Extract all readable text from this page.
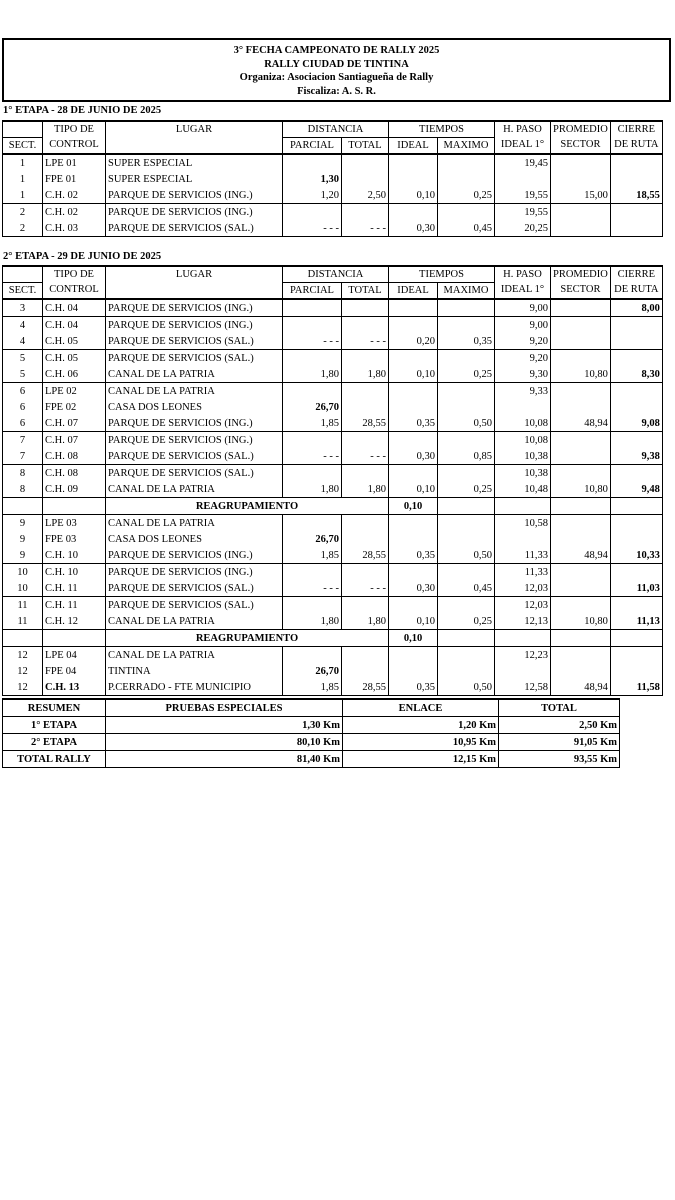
3° FECHA CAMPEONATO DE RALLY 2025
RALLY CIUDAD DE TINTINA
Organiza: Asociacion Santiagueña de Rally
Fiscaliza: A. S. R.
1° ETAPA - 28 DE JUNIO DE 2025
	TIPO DE	LUGAR	DISTANCIA		TIEMPOS		H. PASO	PROMEDIO	CIERRE
SECT.	CONTROL		PARCIAL	TOTAL	IDEAL	MAXIMO	IDEAL 1°	SECTOR	DE RUTA
1	LPE 01	SUPER ESPECIAL					19,45		
1	FPE 01	SUPER ESPECIAL	1,30						
1	C.H. 02	PARQUE DE SERVICIOS (ING.)	1,20	2,50	0,10	0,25	19,55	15,00	18,55
2	C.H. 02	PARQUE DE SERVICIOS (ING.)					19,55		
2	C.H. 03	PARQUE DE SERVICIOS (SAL.)	- - -	- - -	0,30	0,45	20,25		
2° ETAPA - 29 DE JUNIO DE 2025
	TIPO DE	LUGAR	DISTANCIA		TIEMPOS		H. PASO	PROMEDIO	CIERRE
SECT.	CONTROL		PARCIAL	TOTAL	IDEAL	MAXIMO	IDEAL 1°	SECTOR	DE RUTA
3	C.H. 04	PARQUE DE SERVICIOS (ING.)					9,00		8,00
4	C.H. 04	PARQUE DE SERVICIOS (ING.)					9,00		
4	C.H. 05	PARQUE DE SERVICIOS (SAL.)	- - -	- - -	0,20	0,35	9,20		
5	C.H. 05	PARQUE DE SERVICIOS (SAL.)					9,20		
5	C.H. 06	CANAL DE LA PATRIA	1,80	1,80	0,10	0,25	9,30	10,80	8,30
6	LPE 02	CANAL DE LA PATRIA					9,33		
6	FPE 02	CASA DOS LEONES	26,70						
6	C.H. 07	PARQUE DE SERVICIOS (ING.)	1,85	28,55	0,35	0,50	10,08	48,94	9,08
7	C.H. 07	PARQUE DE SERVICIOS (ING.)					10,08		
7	C.H. 08	PARQUE DE SERVICIOS (SAL.)	- - -	- - -	0,30	0,85	10,38		9,38
8	C.H. 08	PARQUE DE SERVICIOS (SAL.)					10,38		
8	C.H. 09	CANAL DE LA PATRIA	1,80	1,80	0,10	0,25	10,48	10,80	9,48
		REAGRUPAMIENTO			0,10				
9	LPE 03	CANAL DE LA PATRIA					10,58		
9	FPE 03	CASA DOS LEONES	26,70						
9	C.H. 10	PARQUE DE SERVICIOS (ING.)	1,85	28,55	0,35	0,50	11,33	48,94	10,33
10	C.H. 10	PARQUE DE SERVICIOS (ING.)					11,33		
10	C.H. 11	PARQUE DE SERVICIOS (SAL.)	- - -	- - -	0,30	0,45	12,03		11,03
11	C.H. 11	PARQUE DE SERVICIOS (SAL.)					12,03		
11	C.H. 12	CANAL DE LA PATRIA	1,80	1,80	0,10	0,25	12,13	10,80	11,13
		REAGRUPAMIENTO			0,10				
12	LPE 04	CANAL DE LA PATRIA					12,23		
12	FPE 04	TINTINA	26,70						
12	C.H. 13	P.CERRADO - FTE MUNICIPIO	1,85	28,55	0,35	0,50	12,58	48,94	11,58
RESUMEN	PRUEBAS ESPECIALES	ENLACE	TOTAL
1° ETAPA	1,30 Km	1,20 Km	2,50 Km
2° ETAPA	80,10 Km	10,95 Km	91,05 Km
TOTAL RALLY	81,40 Km	12,15 Km	93,55 Km
